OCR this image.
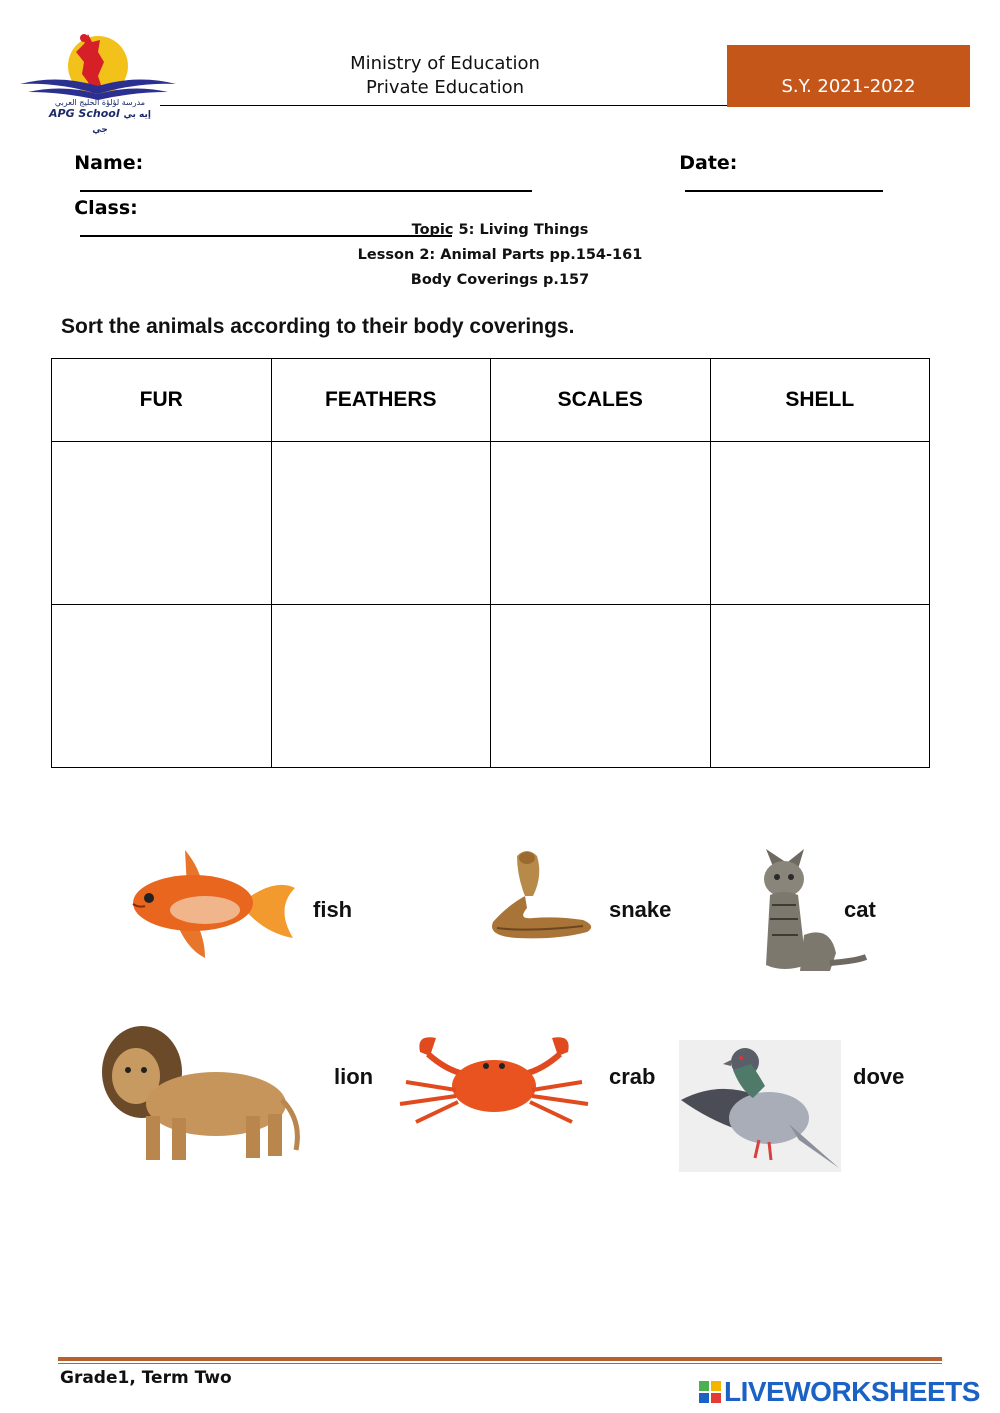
مدرسة لؤلؤة الخليج العربي
APG School إيه بي جي
Ministry of Education
Private Education	S.Y. 2021-2022

Name:
	Date:

Class:

Topic 5: Living Things
Lesson 2: Animal Parts pp.154-161
Body Coverings p.157
Sort the animals according to their body coverings.
FUR	FEATHERS	SCALES	SHELL

fish	snake	cat
lion	crab	dove
Grade1, Term Two	LIVEWORKSHEETS
